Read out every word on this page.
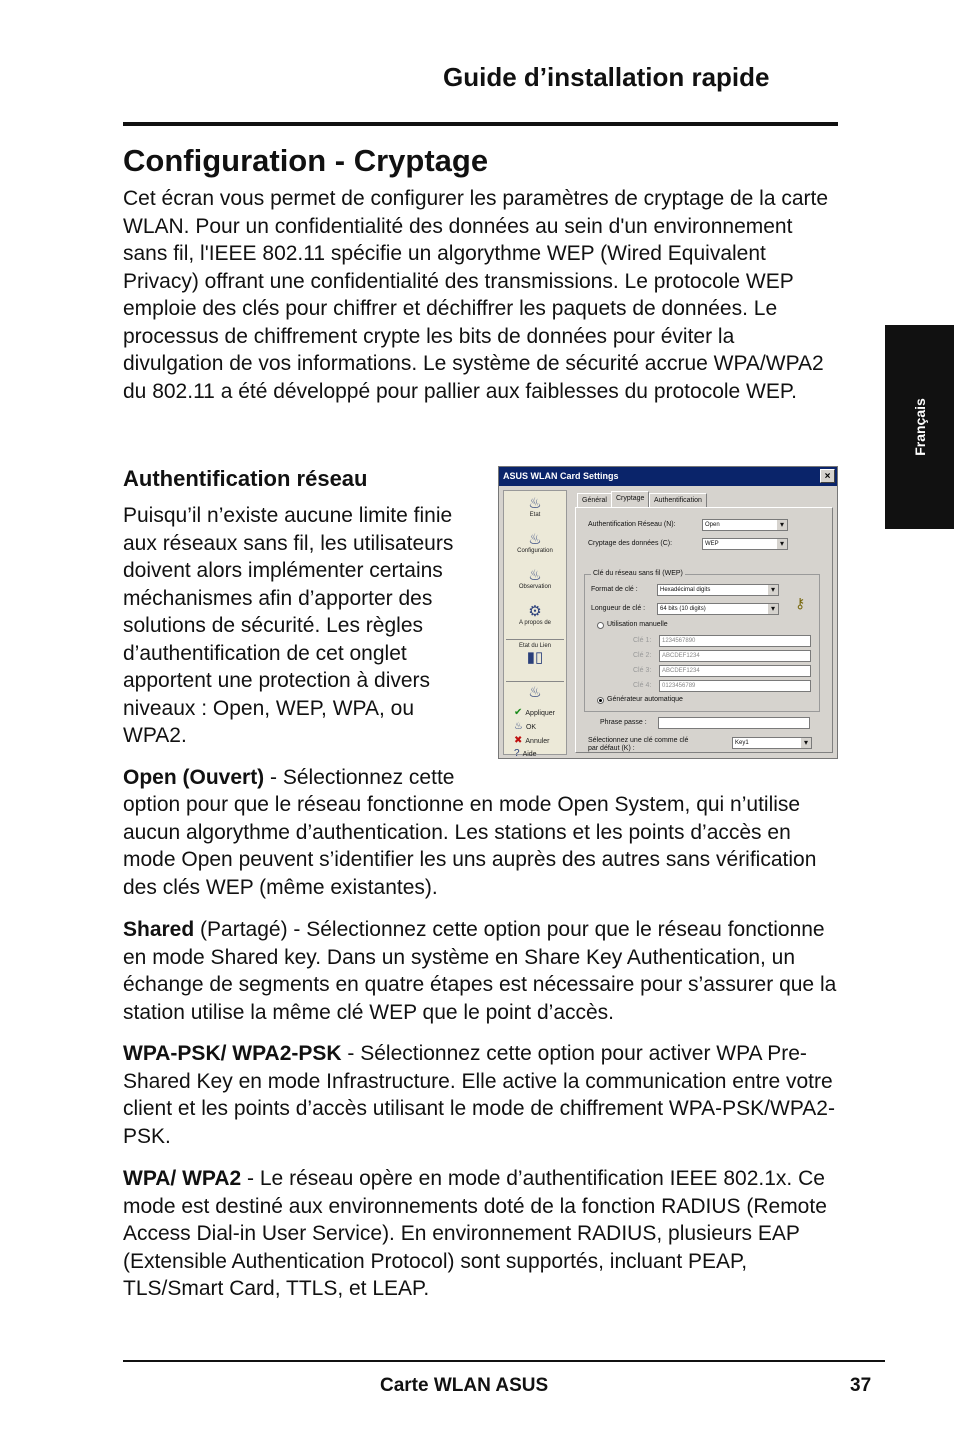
Guide d’installation rapide
Français
Configuration - Cryptage

Cet écran vous permet de configurer les paramètres de cryptage de la carte WLAN. Pour un confidentialité des données au sein d'un environnement sans fil, l'IEEE 802.11 spécifie un algorythme WEP (Wired Equivalent Privacy) offrant une confidentialité des transmissions. Le protocole WEP emploie des clés pour chiffrer et déchiffrer les paquets de données. Le processus de chiffrement crypte les bits de données pour éviter la divulgation de vos informations. Le système de sécurité accrue WPA/WPA2 du 802.11 a été développé pour pallier aux faiblesses du protocole WEP.

Authentification réseau

Puisqu’il n’existe aucune limite finie aux réseaux sans fil, les utilisateurs doivent alors implémenter certains méchanismes afin d’apporter des solutions de sécurité. Les règles d’authentification de cet onglet apportent une protection à divers niveaux : Open, WEP, WPA, ou WPA2.

ASUS WLAN Card Settings	×
♨
Etat
♨
Configuration
♨
Observation
⚙
A propos de
Etat du Lien
▮▯
♨
✔ Appliquer
♨ OK
✖ Annuler
? Aide
Général	Cryptage	Authentification
Authentification Réseau (N):	Open ▾
Cryptage des données (C):	WEP ▾
Clé du réseau sans fil (WEP)
Format de clé :	Hexadécimal digits ▾
Longueur de clé :	64 bits (10 digits) ▾	⚷
Utilisation manuelle
Clé 1:	1234567890
Clé 2:	ABCDEF1234
Clé 3:	ABCDEF1234
Clé 4:	0123456789
Générateur automatique
Phrase passe :
Sélectionnez une clé comme clé par défaut (K) :
Key1 ▾
Open (Ouvert) - Sélectionnez cette

option pour que le réseau fonctionne en mode Open System, qui n’utilise aucun algorythme d’authentication. Les stations et les points d’accès en mode Open peuvent s’identifier les uns auprès des autres sans vérification des clés WEP (même existantes).

Shared (Partagé) - Sélectionnez cette option pour que le réseau fonctionne en mode Shared key. Dans un système en Share Key Authentication, un échange de segments en quatre étapes est nécessaire pour s’assurer que la station utilise la même clé WEP que le point d’accès.

WPA-PSK/ WPA2-PSK - Sélectionnez cette option pour activer WPA Pre-Shared Key en mode Infrastructure. Elle active la communication entre votre client et les points d’accès utilisant le mode de chiffrement WPA-PSK/WPA2-PSK.

WPA/ WPA2 - Le réseau opère en mode d’authentification IEEE 802.1x. Ce mode est destiné aux environnements doté de la fonction RADIUS (Remote Access Dial-in User Service). En environnement RADIUS, plusieurs EAP (Extensible Authentication Protocol) sont supportés, incluant PEAP, TLS/Smart Card, TTLS, et LEAP.

Carte WLAN ASUS	37
